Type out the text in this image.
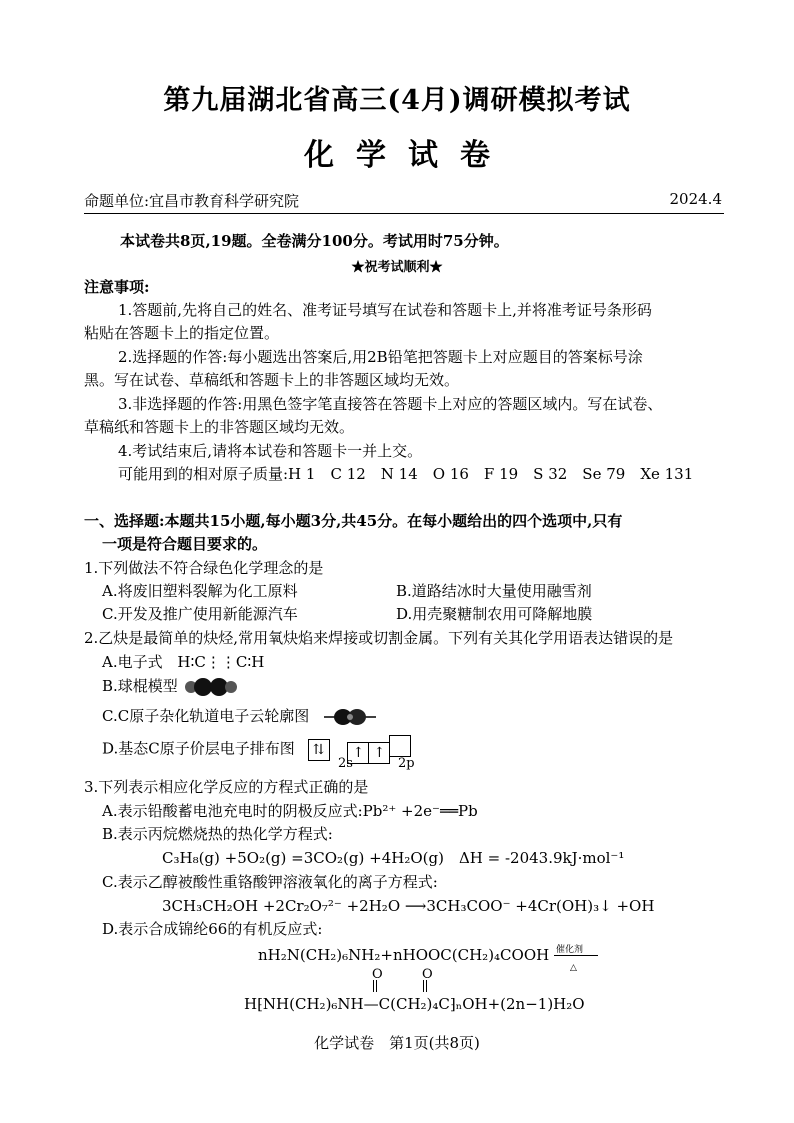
第九届湖北省高三(4月)调研模拟考试
化学试卷
命题单位:宜昌市教育科学研究院	2024.4
本试卷共8页,19题。全卷满分100分。考试用时75分钟。
★祝考试顺利★
注意事项:
1.答题前,先将自己的姓名、准考证号填写在试卷和答题卡上,并将准考证号条形码
粘贴在答题卡上的指定位置。
2.选择题的作答:每小题选出答案后,用2B铅笔把答题卡上对应题目的答案标号涂
黑。写在试卷、草稿纸和答题卡上的非答题区域均无效。
3.非选择题的作答:用黑色签字笔直接答在答题卡上对应的答题区域内。写在试卷、
草稿纸和答题卡上的非答题区域均无效。
4.考试结束后,请将本试卷和答题卡一并上交。
可能用到的相对原子质量:H 1　C 12　N 14　O 16　F 19　S 32　Se 79　Xe 131
一、选择题:本题共15小题,每小题3分,共45分。在每小题给出的四个选项中,只有
一项是符合题目要求的。
1.下列做法不符合绿色化学理念的是
A.将废旧塑料裂解为化工原料	B.道路结冰时大量使用融雪剂
C.开发及推广使用新能源汽车	D.用壳聚糖制农用可降解地膜
2.乙炔是最简单的炔烃,常用氧炔焰来焊接或切割金属。下列有关其化学用语表达错误的是
A.电子式 H∶C⋮⋮C∶H
B.球棍模型
C.C原子杂化轨道电子云轮廓图
D.基态C原子价层电子排布图 ⇅ ↑ ↑
2s	2p
3.下列表示相应化学反应的方程式正确的是
A.表示铅酸蓄电池充电时的阴极反应式:Pb²⁺ +2e⁻══Pb
B.表示丙烷燃烧热的热化学方程式:
C₃H₈(g) +5O₂(g) =3CO₂(g) +4H₂O(g)　ΔH = -2043.9kJ·mol⁻¹
C.表示乙醇被酸性重铬酸钾溶液氧化的离子方程式:
3CH₃CH₂OH +2Cr₂O₇²⁻ +2H₂O ⟶3CH₃COO⁻ +4Cr(OH)₃↓ +OH
D.表示合成锦纶66的有机反应式:
nH₂N(CH₂)₆NH₂+nHOOC(CH₂)₄COOH 催化剂
△
O	O
H⁅NH(CH₂)₆NH—C(CH₂)₄C⁆ₙOH+(2n−1)H₂O
化学试卷　第1页(共8页)
